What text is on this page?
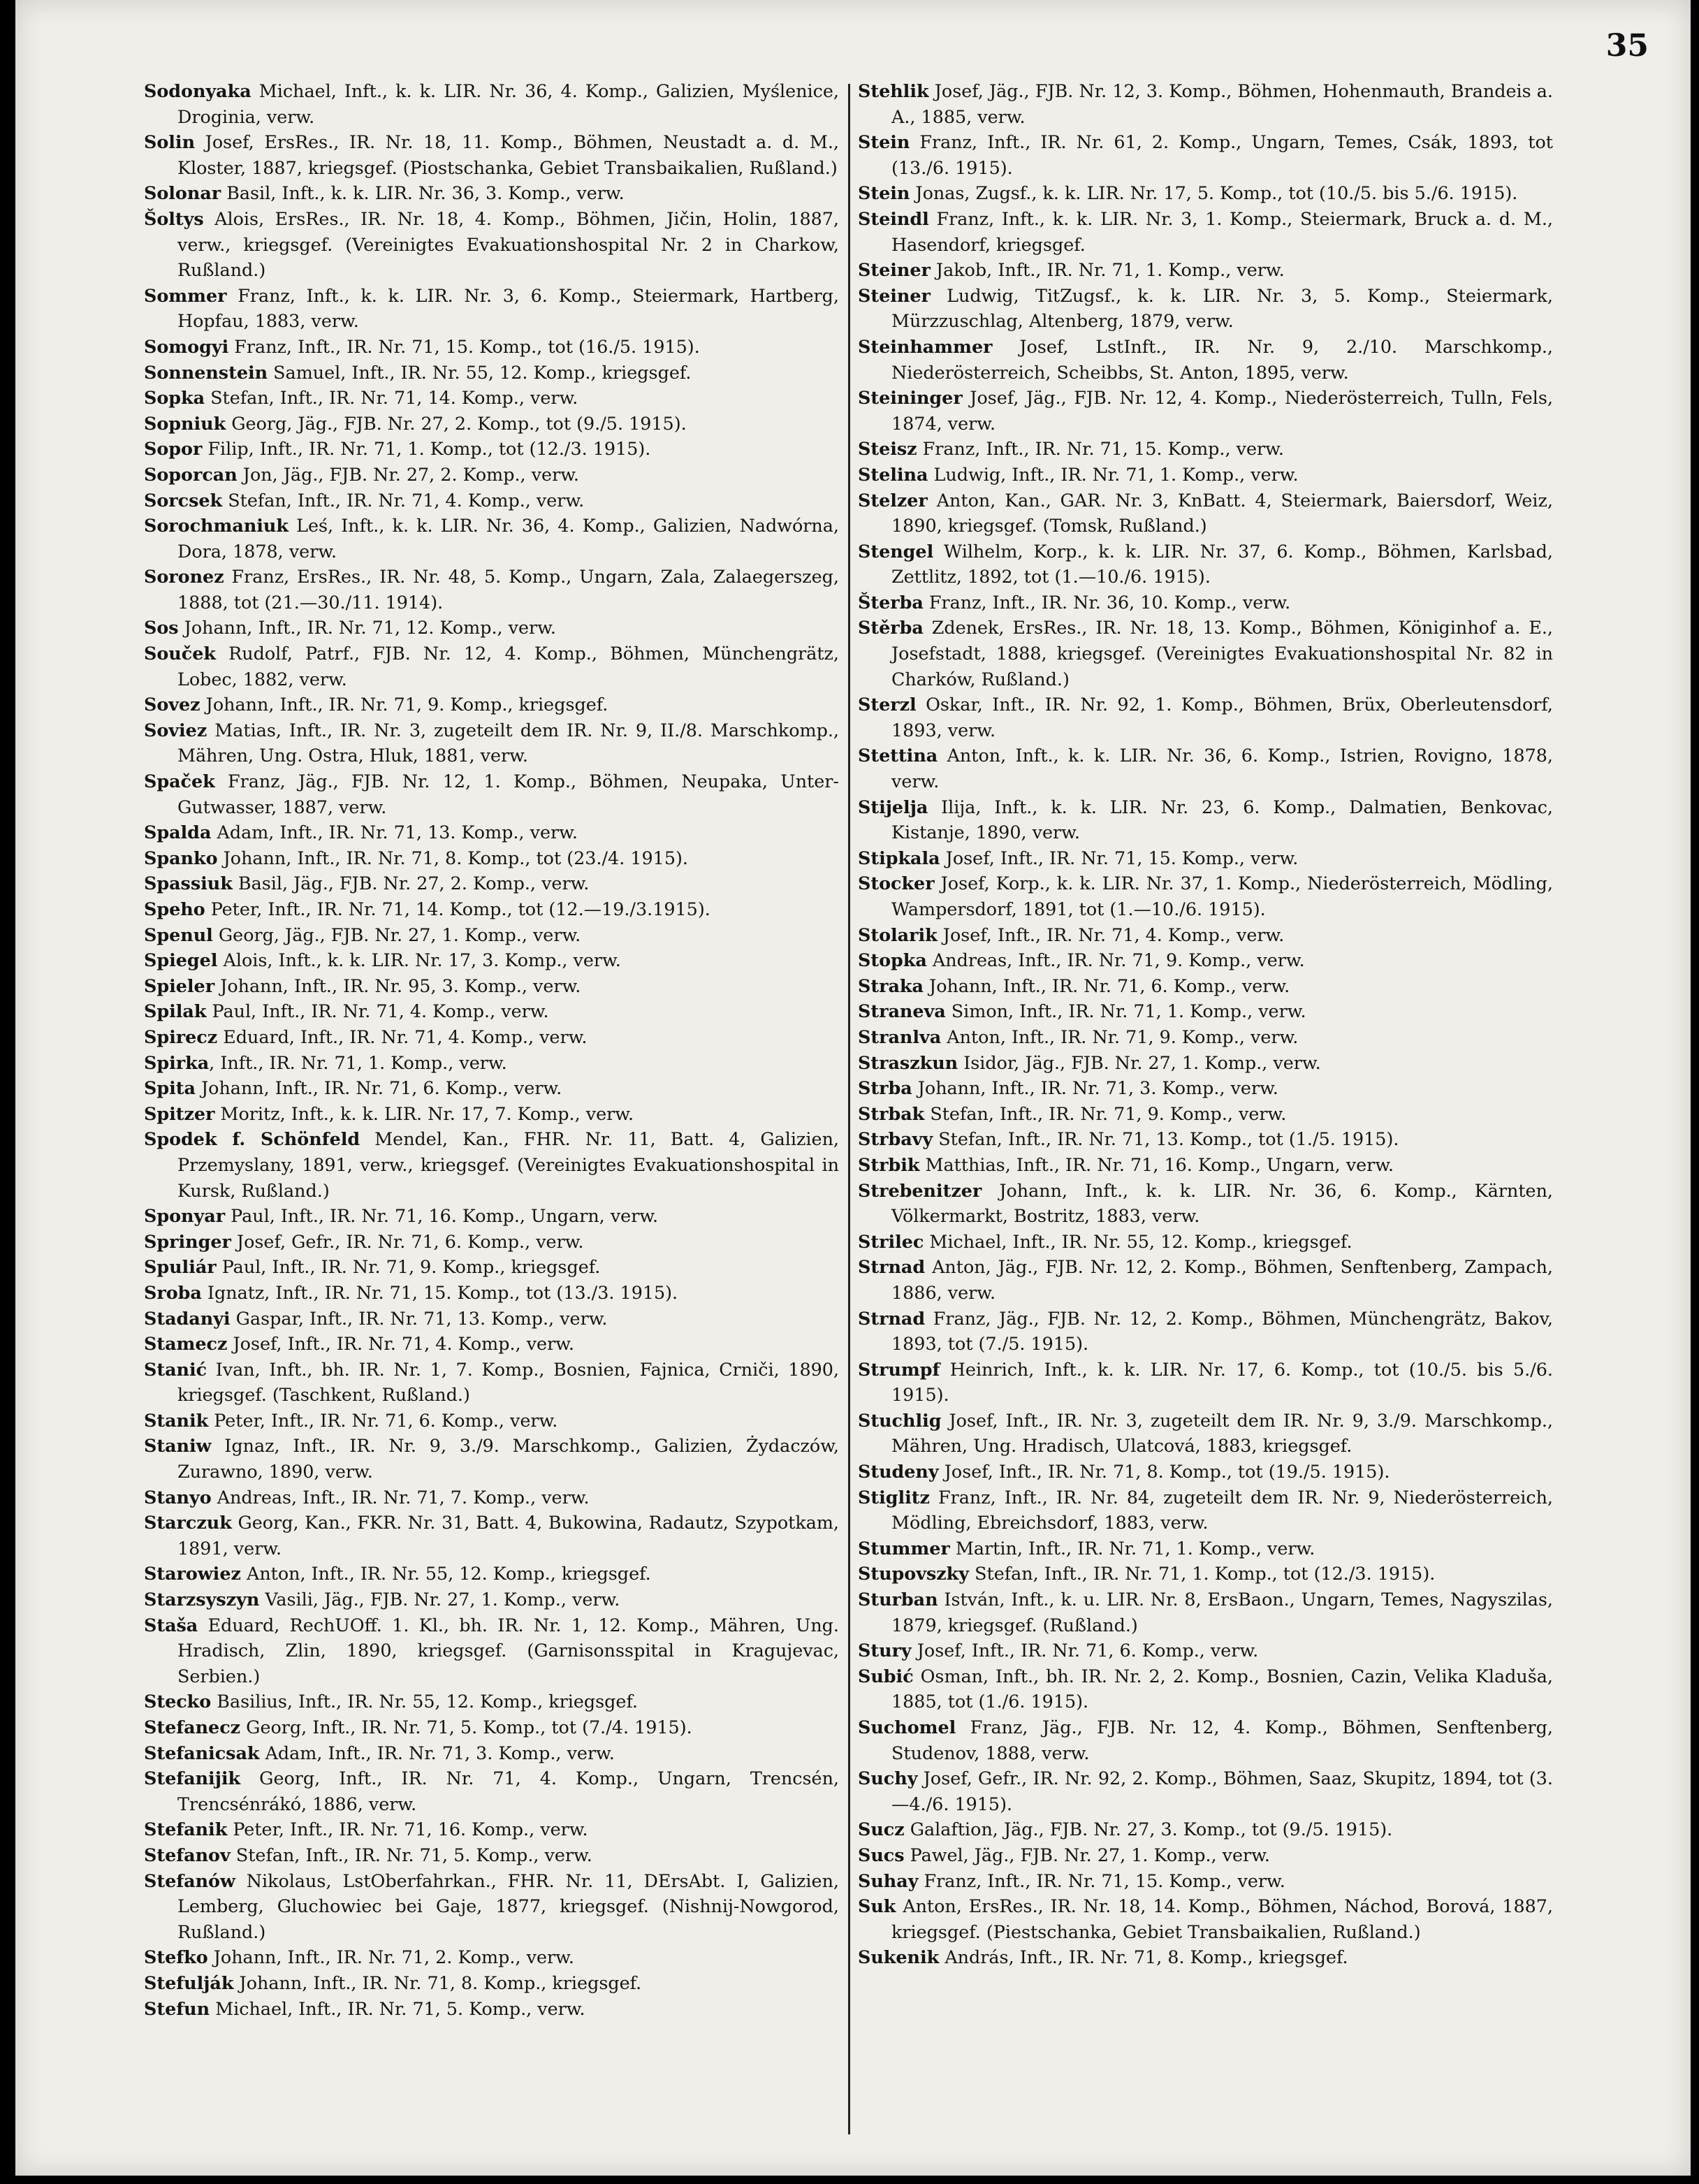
35

Sodonyaka Michael, Inft., k. k. LIR. Nr. 36, 4. Komp., Galizien, Myślenice, Droginia, verw.

Solin Josef, ErsRes., IR. Nr. 18, 11. Komp., Böhmen, Neustadt a. d. M., Kloster, 1887, kriegsgef. (Piostschanka, Gebiet Transbaikalien, Rußland.)

Solonar Basil, Inft., k. k. LIR. Nr. 36, 3. Komp., verw.

Šoltys Alois, ErsRes., IR. Nr. 18, 4. Komp., Böhmen, Jičin, Holin, 1887, verw., kriegsgef. (Vereinigtes Evakuationshospital Nr. 2 in Charkow, Rußland.)

Sommer Franz, Inft., k. k. LIR. Nr. 3, 6. Komp., Steiermark, Hartberg, Hopfau, 1883, verw.

Somogyi Franz, Inft., IR. Nr. 71, 15. Komp., tot (16./5. 1915).

Sonnenstein Samuel, Inft., IR. Nr. 55, 12. Komp., kriegsgef.

Sopka Stefan, Inft., IR. Nr. 71, 14. Komp., verw.

Sopniuk Georg, Jäg., FJB. Nr. 27, 2. Komp., tot (9./5. 1915).

Sopor Filip, Inft., IR. Nr. 71, 1. Komp., tot (12./3. 1915).

Soporcan Jon, Jäg., FJB. Nr. 27, 2. Komp., verw.

Sorcsek Stefan, Inft., IR. Nr. 71, 4. Komp., verw.

Sorochmaniuk Leś, Inft., k. k. LIR. Nr. 36, 4. Komp., Galizien, Nadwórna, Dora, 1878, verw.

Soronez Franz, ErsRes., IR. Nr. 48, 5. Komp., Ungarn, Zala, Zalaegerszeg, 1888, tot (21.—30./11. 1914).

Sos Johann, Inft., IR. Nr. 71, 12. Komp., verw.

Souček Rudolf, Patrf., FJB. Nr. 12, 4. Komp., Böhmen, Münchengrätz, Lobec, 1882, verw.

Sovez Johann, Inft., IR. Nr. 71, 9. Komp., kriegsgef.

Soviez Matias, Inft., IR. Nr. 3, zugeteilt dem IR. Nr. 9, II./8. Marschkomp., Mähren, Ung. Ostra, Hluk, 1881, verw.

Spaček Franz, Jäg., FJB. Nr. 12, 1. Komp., Böhmen, Neupaka, Unter-Gutwasser, 1887, verw.

Spalda Adam, Inft., IR. Nr. 71, 13. Komp., verw.

Spanko Johann, Inft., IR. Nr. 71, 8. Komp., tot (23./4. 1915).

Spassiuk Basil, Jäg., FJB. Nr. 27, 2. Komp., verw.

Speho Peter, Inft., IR. Nr. 71, 14. Komp., tot (12.—19./3.1915).

Spenul Georg, Jäg., FJB. Nr. 27, 1. Komp., verw.

Spiegel Alois, Inft., k. k. LIR. Nr. 17, 3. Komp., verw.

Spieler Johann, Inft., IR. Nr. 95, 3. Komp., verw.

Spilak Paul, Inft., IR. Nr. 71, 4. Komp., verw.

Spirecz Eduard, Inft., IR. Nr. 71, 4. Komp., verw.

Spirka, Inft., IR. Nr. 71, 1. Komp., verw.

Spita Johann, Inft., IR. Nr. 71, 6. Komp., verw.

Spitzer Moritz, Inft., k. k. LIR. Nr. 17, 7. Komp., verw.

Spodek f. Schönfeld Mendel, Kan., FHR. Nr. 11, Batt. 4, Galizien, Przemyslany, 1891, verw., kriegsgef. (Vereinigtes Evakuationshospital in Kursk, Rußland.)

Sponyar Paul, Inft., IR. Nr. 71, 16. Komp., Ungarn, verw.

Springer Josef, Gefr., IR. Nr. 71, 6. Komp., verw.

Spuliár Paul, Inft., IR. Nr. 71, 9. Komp., kriegsgef.

Sroba Ignatz, Inft., IR. Nr. 71, 15. Komp., tot (13./3. 1915).

Stadanyi Gaspar, Inft., IR. Nr. 71, 13. Komp., verw.

Stamecz Josef, Inft., IR. Nr. 71, 4. Komp., verw.

Stanić Ivan, Inft., bh. IR. Nr. 1, 7. Komp., Bosnien, Fajnica, Crniči, 1890, kriegsgef. (Taschkent, Rußland.)

Stanik Peter, Inft., IR. Nr. 71, 6. Komp., verw.

Staniw Ignaz, Inft., IR. Nr. 9, 3./9. Marschkomp., Galizien, Żydaczów, Zurawno, 1890, verw.

Stanyo Andreas, Inft., IR. Nr. 71, 7. Komp., verw.

Starczuk Georg, Kan., FKR. Nr. 31, Batt. 4, Bukowina, Radautz, Szypotkam, 1891, verw.

Starowiez Anton, Inft., IR. Nr. 55, 12. Komp., kriegsgef.

Starzsyszyn Vasili, Jäg., FJB. Nr. 27, 1. Komp., verw.

Staša Eduard, RechUOff. 1. Kl., bh. IR. Nr. 1, 12. Komp., Mähren, Ung. Hradisch, Zlin, 1890, kriegsgef. (Garnisonsspital in Kragujevac, Serbien.)

Stecko Basilius, Inft., IR. Nr. 55, 12. Komp., kriegsgef.

Stefanecz Georg, Inft., IR. Nr. 71, 5. Komp., tot (7./4. 1915).

Stefanicsak Adam, Inft., IR. Nr. 71, 3. Komp., verw.

Stefanijik Georg, Inft., IR. Nr. 71, 4. Komp., Ungarn, Trencsén, Trencsénrákó, 1886, verw.

Stefanik Peter, Inft., IR. Nr. 71, 16. Komp., verw.

Stefanov Stefan, Inft., IR. Nr. 71, 5. Komp., verw.

Stefanów Nikolaus, LstOberfahrkan., FHR. Nr. 11, DErsAbt. I, Galizien, Lemberg, Gluchowiec bei Gaje, 1877, kriegsgef. (Nishnij-Nowgorod, Rußland.)

Stefko Johann, Inft., IR. Nr. 71, 2. Komp., verw.

Stefulják Johann, Inft., IR. Nr. 71, 8. Komp., kriegsgef.

Stefun Michael, Inft., IR. Nr. 71, 5. Komp., verw.

Stehlik Josef, Jäg., FJB. Nr. 12, 3. Komp., Böhmen, Hohenmauth, Brandeis a. A., 1885, verw.

Stein Franz, Inft., IR. Nr. 61, 2. Komp., Ungarn, Temes, Csák, 1893, tot (13./6. 1915).

Stein Jonas, Zugsf., k. k. LIR. Nr. 17, 5. Komp., tot (10./5. bis 5./6. 1915).

Steindl Franz, Inft., k. k. LIR. Nr. 3, 1. Komp., Steiermark, Bruck a. d. M., Hasendorf, kriegsgef.

Steiner Jakob, Inft., IR. Nr. 71, 1. Komp., verw.

Steiner Ludwig, TitZugsf., k. k. LIR. Nr. 3, 5. Komp., Steiermark, Mürzzuschlag, Altenberg, 1879, verw.

Steinhammer Josef, LstInft., IR. Nr. 9, 2./10. Marschkomp., Niederösterreich, Scheibbs, St. Anton, 1895, verw.

Steininger Josef, Jäg., FJB. Nr. 12, 4. Komp., Niederösterreich, Tulln, Fels, 1874, verw.

Steisz Franz, Inft., IR. Nr. 71, 15. Komp., verw.

Stelina Ludwig, Inft., IR. Nr. 71, 1. Komp., verw.

Stelzer Anton, Kan., GAR. Nr. 3, KnBatt. 4, Steiermark, Baiersdorf, Weiz, 1890, kriegsgef. (Tomsk, Rußland.)

Stengel Wilhelm, Korp., k. k. LIR. Nr. 37, 6. Komp., Böhmen, Karlsbad, Zettlitz, 1892, tot (1.—10./6. 1915).

Šterba Franz, Inft., IR. Nr. 36, 10. Komp., verw.

Stěrba Zdenek, ErsRes., IR. Nr. 18, 13. Komp., Böhmen, Königinhof a. E., Josefstadt, 1888, kriegsgef. (Vereinigtes Evakuationshospital Nr. 82 in Charków, Rußland.)

Sterzl Oskar, Inft., IR. Nr. 92, 1. Komp., Böhmen, Brüx, Oberleutensdorf, 1893, verw.

Stettina Anton, Inft., k. k. LIR. Nr. 36, 6. Komp., Istrien, Rovigno, 1878, verw.

Stijelja Ilija, Inft., k. k. LIR. Nr. 23, 6. Komp., Dalmatien, Benkovac, Kistanje, 1890, verw.

Stipkala Josef, Inft., IR. Nr. 71, 15. Komp., verw.

Stocker Josef, Korp., k. k. LIR. Nr. 37, 1. Komp., Niederösterreich, Mödling, Wampersdorf, 1891, tot (1.—10./6. 1915).

Stolarik Josef, Inft., IR. Nr. 71, 4. Komp., verw.

Stopka Andreas, Inft., IR. Nr. 71, 9. Komp., verw.

Straka Johann, Inft., IR. Nr. 71, 6. Komp., verw.

Straneva Simon, Inft., IR. Nr. 71, 1. Komp., verw.

Stranlva Anton, Inft., IR. Nr. 71, 9. Komp., verw.

Straszkun Isidor, Jäg., FJB. Nr. 27, 1. Komp., verw.

Strba Johann, Inft., IR. Nr. 71, 3. Komp., verw.

Strbak Stefan, Inft., IR. Nr. 71, 9. Komp., verw.

Strbavy Stefan, Inft., IR. Nr. 71, 13. Komp., tot (1./5. 1915).

Strbik Matthias, Inft., IR. Nr. 71, 16. Komp., Ungarn, verw.

Strebenitzer Johann, Inft., k. k. LIR. Nr. 36, 6. Komp., Kärnten, Völkermarkt, Bostritz, 1883, verw.

Strilec Michael, Inft., IR. Nr. 55, 12. Komp., kriegsgef.

Strnad Anton, Jäg., FJB. Nr. 12, 2. Komp., Böhmen, Senftenberg, Zampach, 1886, verw.

Strnad Franz, Jäg., FJB. Nr. 12, 2. Komp., Böhmen, Münchengrätz, Bakov, 1893, tot (7./5. 1915).

Strumpf Heinrich, Inft., k. k. LIR. Nr. 17, 6. Komp., tot (10./5. bis 5./6. 1915).

Stuchlig Josef, Inft., IR. Nr. 3, zugeteilt dem IR. Nr. 9, 3./9. Marschkomp., Mähren, Ung. Hradisch, Ulatcová, 1883, kriegsgef.

Studeny Josef, Inft., IR. Nr. 71, 8. Komp., tot (19./5. 1915).

Stiglitz Franz, Inft., IR. Nr. 84, zugeteilt dem IR. Nr. 9, Niederösterreich, Mödling, Ebreichsdorf, 1883, verw.

Stummer Martin, Inft., IR. Nr. 71, 1. Komp., verw.

Stupovszky Stefan, Inft., IR. Nr. 71, 1. Komp., tot (12./3. 1915).

Sturban István, Inft., k. u. LIR. Nr. 8, ErsBaon., Ungarn, Temes, Nagyszilas, 1879, kriegsgef. (Rußland.)

Stury Josef, Inft., IR. Nr. 71, 6. Komp., verw.

Subić Osman, Inft., bh. IR. Nr. 2, 2. Komp., Bosnien, Cazin, Velika Kladuša, 1885, tot (1./6. 1915).

Suchomel Franz, Jäg., FJB. Nr. 12, 4. Komp., Böhmen, Senftenberg, Studenov, 1888, verw.

Suchy Josef, Gefr., IR. Nr. 92, 2. Komp., Böhmen, Saaz, Skupitz, 1894, tot (3.—4./6. 1915).

Sucz Galaftion, Jäg., FJB. Nr. 27, 3. Komp., tot (9./5. 1915).

Sucs Pawel, Jäg., FJB. Nr. 27, 1. Komp., verw.

Suhay Franz, Inft., IR. Nr. 71, 15. Komp., verw.

Suk Anton, ErsRes., IR. Nr. 18, 14. Komp., Böhmen, Náchod, Borová, 1887, kriegsgef. (Piestschanka, Gebiet Transbaikalien, Rußland.)

Sukenik András, Inft., IR. Nr. 71, 8. Komp., kriegsgef.
